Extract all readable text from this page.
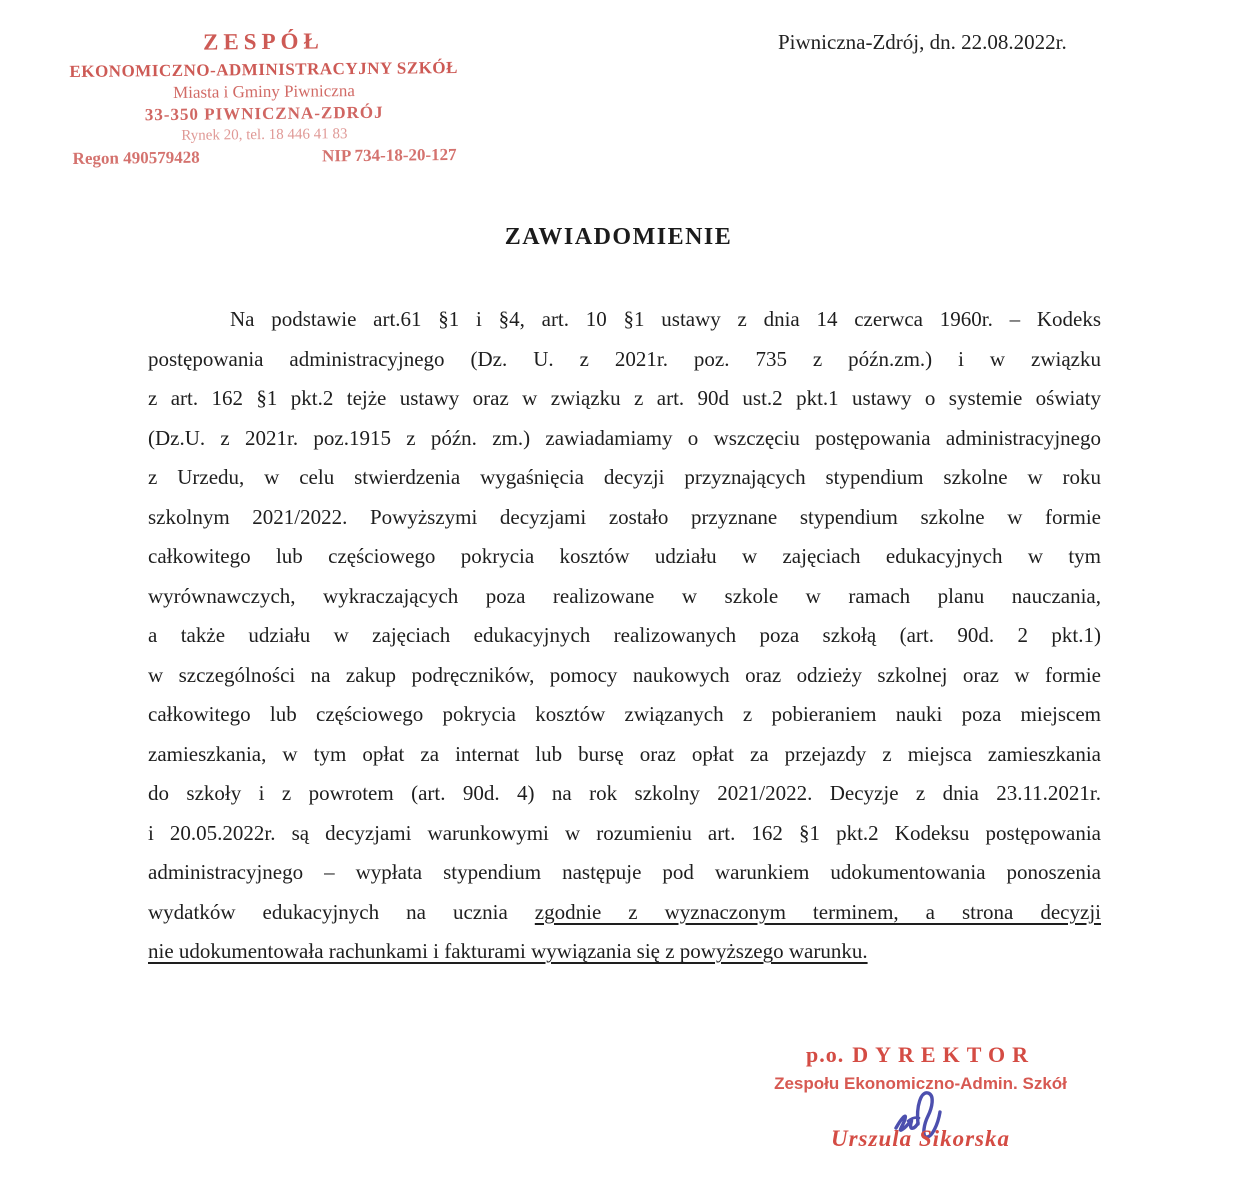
ZESPÓŁ
EKONOMICZNO-ADMINISTRACYJNY SZKÓŁ
Miasta i Gminy Piwniczna
33-350 PIWNICZNA-ZDRÓJ
Rynek 20, tel. 18 446 41 83
Regon 490579428	NIP 734-18-20-127
Piwniczna-Zdrój, dn. 22.08.2022r.
ZAWIADOMIENIE
Na podstawie art.61 §1 i §4, art. 10 §1 ustawy z dnia 14 czerwca 1960r. – Kodeks
postępowania administracyjnego (Dz. U. z 2021r. poz. 735 z późn.zm.) i w związku
z art. 162 §1 pkt.2 tejże ustawy oraz w związku z art. 90d ust.2 pkt.1 ustawy o systemie oświaty
(Dz.U. z 2021r. poz.1915 z późn. zm.) zawiadamiamy o wszczęciu postępowania administracyjnego
z Urzedu, w celu stwierdzenia wygaśnięcia decyzji przyznających stypendium szkolne w roku
szkolnym 2021/2022. Powyższymi decyzjami zostało przyznane stypendium szkolne w formie
całkowitego lub częściowego pokrycia kosztów udziału w zajęciach edukacyjnych w tym
wyrównawczych, wykraczających poza realizowane w szkole w ramach planu nauczania,
a także udziału w zajęciach edukacyjnych realizowanych poza szkołą (art. 90d. 2 pkt.1)
w szczególności na zakup podręczników, pomocy naukowych oraz odzieży szkolnej oraz w formie
całkowitego lub częściowego pokrycia kosztów związanych z pobieraniem nauki poza miejscem
zamieszkania, w tym opłat za internat lub bursę oraz opłat za przejazdy z miejsca zamieszkania
do szkoły i z powrotem (art. 90d. 4) na rok szkolny 2021/2022. Decyzje z dnia 23.11.2021r.
i 20.05.2022r. są decyzjami warunkowymi w rozumieniu art. 162 §1 pkt.2 Kodeksu postępowania
administracyjnego – wypłata stypendium następuje pod warunkiem udokumentowania ponoszenia
wydatków edukacyjnych na ucznia zgodnie z wyznaczonym terminem, a strona decyzji
nie udokumentowała rachunkami i fakturami wywiązania się z powyższego warunku.
p.o. DYREKTOR
Zespołu Ekonomiczno-Admin. Szkół
Urszula Sikorska
